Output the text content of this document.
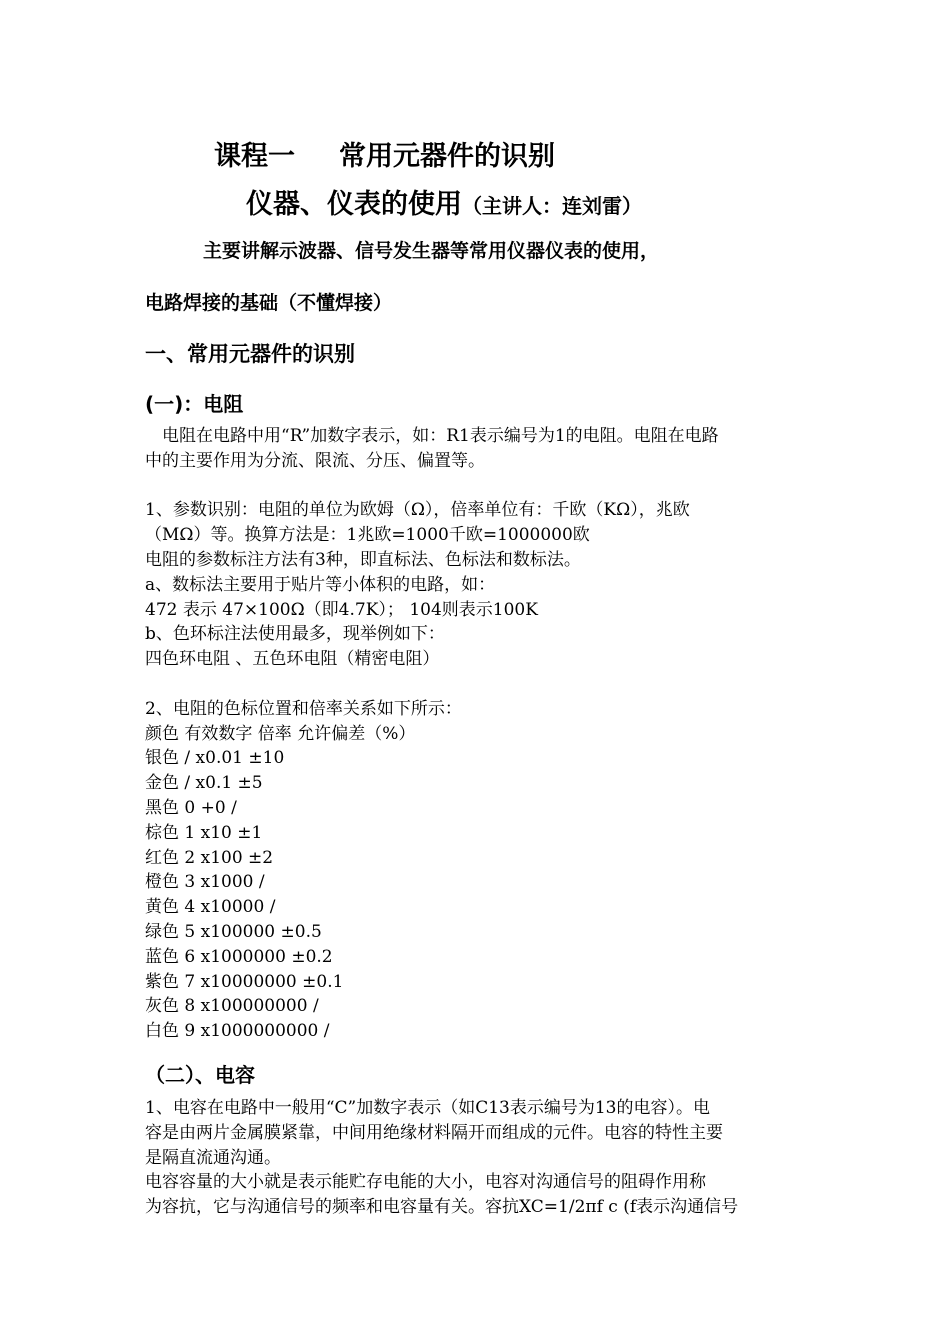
课程一 常用元器件的识别
仪器、仪表的使用（主讲人：连刘雷）
主要讲解示波器、信号发生器等常用仪器仪表的使用，
电路焊接的基础（不懂焊接）
一、常用元器件的识别
(一)：电阻
　电阻在电路中用“R”加数字表示，如：R1表示编号为1的电阻。电阻在电路
中的主要作用为分流、限流、分压、偏置等。
1、参数识别：电阻的单位为欧姆（Ω），倍率单位有：千欧（KΩ），兆欧
（MΩ）等。换算方法是：1兆欧=1000千欧=1000000欧
电阻的参数标注方法有3种，即直标法、色标法和数标法。
a、数标法主要用于贴片等小体积的电路，如：
472 表示 47×100Ω（即4.7K）； 104则表示100K
b、色环标注法使用最多，现举例如下：
四色环电阻 、五色环电阻（精密电阻）
2、电阻的色标位置和倍率关系如下所示：
颜色 有效数字 倍率 允许偏差（%）
银色 / x0.01 ±10
金色 / x0.1 ±5
黑色 0 +0 /
棕色 1 x10 ±1
红色 2 x100 ±2
橙色 3 x1000 /
黄色 4 x10000 /
绿色 5 x100000 ±0.5
蓝色 6 x1000000 ±0.2
紫色 7 x10000000 ±0.1
灰色 8 x100000000 /
白色 9 x1000000000 /
（二）、电容
1、电容在电路中一般用“C”加数字表示（如C13表示编号为13的电容）。电
容是由两片金属膜紧靠，中间用绝缘材料隔开而组成的元件。电容的特性主要
是隔直流通沟通。
电容容量的大小就是表示能贮存电能的大小，电容对沟通信号的阻碍作用称
为容抗，它与沟通信号的频率和电容量有关。容抗XC=1/2πf c (f表示沟通信号
